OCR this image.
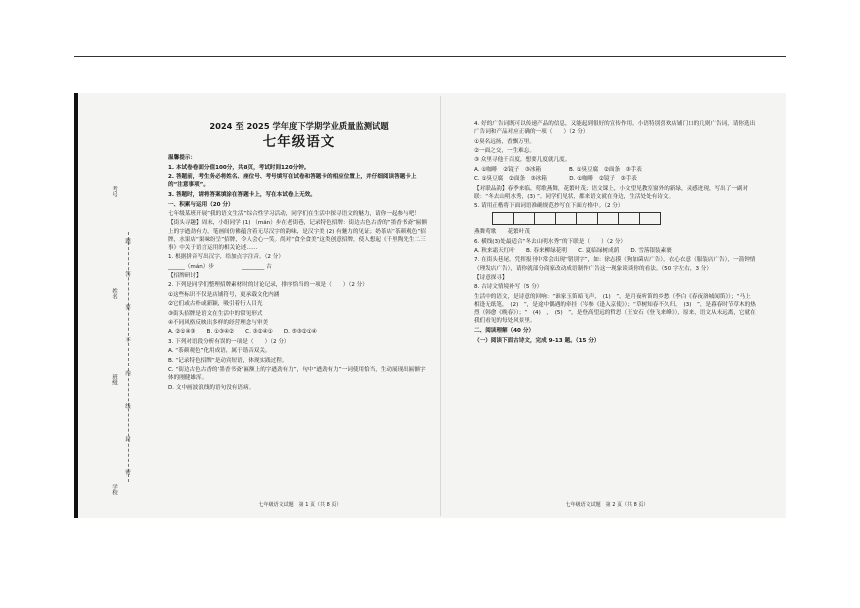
考号
姓名
班级
学校
题　答　要　不　内　线　封　密

2024 至 2025 学年度下学期学业质量监测试题

七年级语文

温馨提示：

1. 本试卷卷面分值100分，共8页，考试时间120分钟。

2. 答题前，考生务必将姓名、座位号、考号填写在试卷和答题卡的相应位置上，并仔细阅读答题卡上的“注意事项”。

3. 答题时，请将答案填涂在答题卡上，写在本试卷上无效。

一、积累与运用（20 分）

七年级某班开展“我的语文生活”综合性学习活动，同学们在生活中探寻语文的魅力，请你一起参与吧！

【街头寻趣】周末，小组同学 (1) （mán）步在老街巷，记录特色招牌：街边古色古香的“墨香书斋”匾额上的字遒劲有力，笔画间仿佛蕴含着无尽汉字的韵味，是汉字美 (2) 有魅力的见证；奶茶店“茶颜观色”招牌，水果店“果味纷呈”招牌，令人会心一笑。尚对“食全食美”这类创意招牌，使人想起《千里陶先生二三事》中关于语言运用的相关论述……

1. 根据拼音写出汉字，给加点字注音。（2 分）

______（mán）步　　　　　________ 古

【招牌研讨】

2. 下列是同学们整理招牌素材时的讨论记录，排序恰当的一项是（　　）（2 分）

①这些标识不仅是店铺符号，更承载文化内涵

②它们或古朴或新颖，吸引着行人目光

③街头招牌是语文在生活中的常见形式

④不同风格反映出多样的经营理念与审美

A. ②①④③　　B. ①③④②　　C. ③②④①　　D. ⑤③②①④

3. 下列对语段分析有误的一项是（　　）（2 分）

A. “茶颜观色”化用成语，属于谐音双关。

B. “记录特色招牌”是动宾短语，体现实践过程。

C. “街边古色古香的‘墨香书斋’匾额上的字遒劲有力”，句中“遒劲有力”一词使用恰当，生动展现出匾额字体的刚健雄浑。

D. 文中画波浪线的语句没有语病。

4. 好的广告词既可以传递产品的信息，又能起到很好的宣传作用。小语特别喜欢店铺门口的几则广告词，请你选出广告词和产品对应正确的一项（　　）（2 分）

①臭名远扬，香飘万里。

②一面之交，一生难忘。

③ 众里寻他千百度，想要几度就几度。

A. ①咖啡　②镜子　③冰箱　　　　　B. ①臭豆腐　②面条　③手表

C. ①臭豆腐　②面条　③冰箱　　　　D. ①咖啡　②镜子　③手表

【对联品韵】春季来临，莺歌燕舞，花繁叶茂；语文课上，小文望见教室窗外的新绿，灵感迸现，写出了一副对联：“冬去山明水秀，(3) ”。同学们见状，都来语文就在身边，生活处处有诗文。

5. 请用正楷将下面词语准确规范抄写在下面方格中。（2 分）

燕舞莺歌　　花繁叶茂

6. 横线(3)处最适合“冬去山明水秀”的下联是（　　）（2 分）

A. 秋来霜天红叶　　B. 春来柳绿花明　　C. 夏临绿树成荫　　D. 雪落银装素裹

7. 在街头巷尾，凭挥报刊中常会出现“错别字”，如：徐志摸（狗加菌店广告），衣心衣意（服装店广告），一箭钟情（理发店广告），请你就部分商家改动成语制作广告这一现象谈谈你的看法。（50 字左右，3 分）

【诗意探寻】

8. 古诗文情境补写（5 分）

生活中的语文，是诗意的回响：“谁家玉笛暗飞声，　(1)　”，是月夜听笛的乡愁（李白《春夜洛城闻笛》）；“马上相逢无纸笔，　(2)　”，是途中偶遇的牵挂（岑参《逢入京使》）；“草树知春不久归，　(3)　”，是暮春时节草木的热烈（韩愈《晚春》）；“　(4)　，　(5)　”，是登高望远的哲思（王安石《登飞来峰》），原来，语文从未远离，它就在我们看见的每处风景里。

二、阅读理解（40 分）

（一）阅读下面古诗文，完成 9-13 题。（15 分）

七年级语文试题　第 1 页（共 8 页）	七年级语文试题　第 2 页（共 8 页）
